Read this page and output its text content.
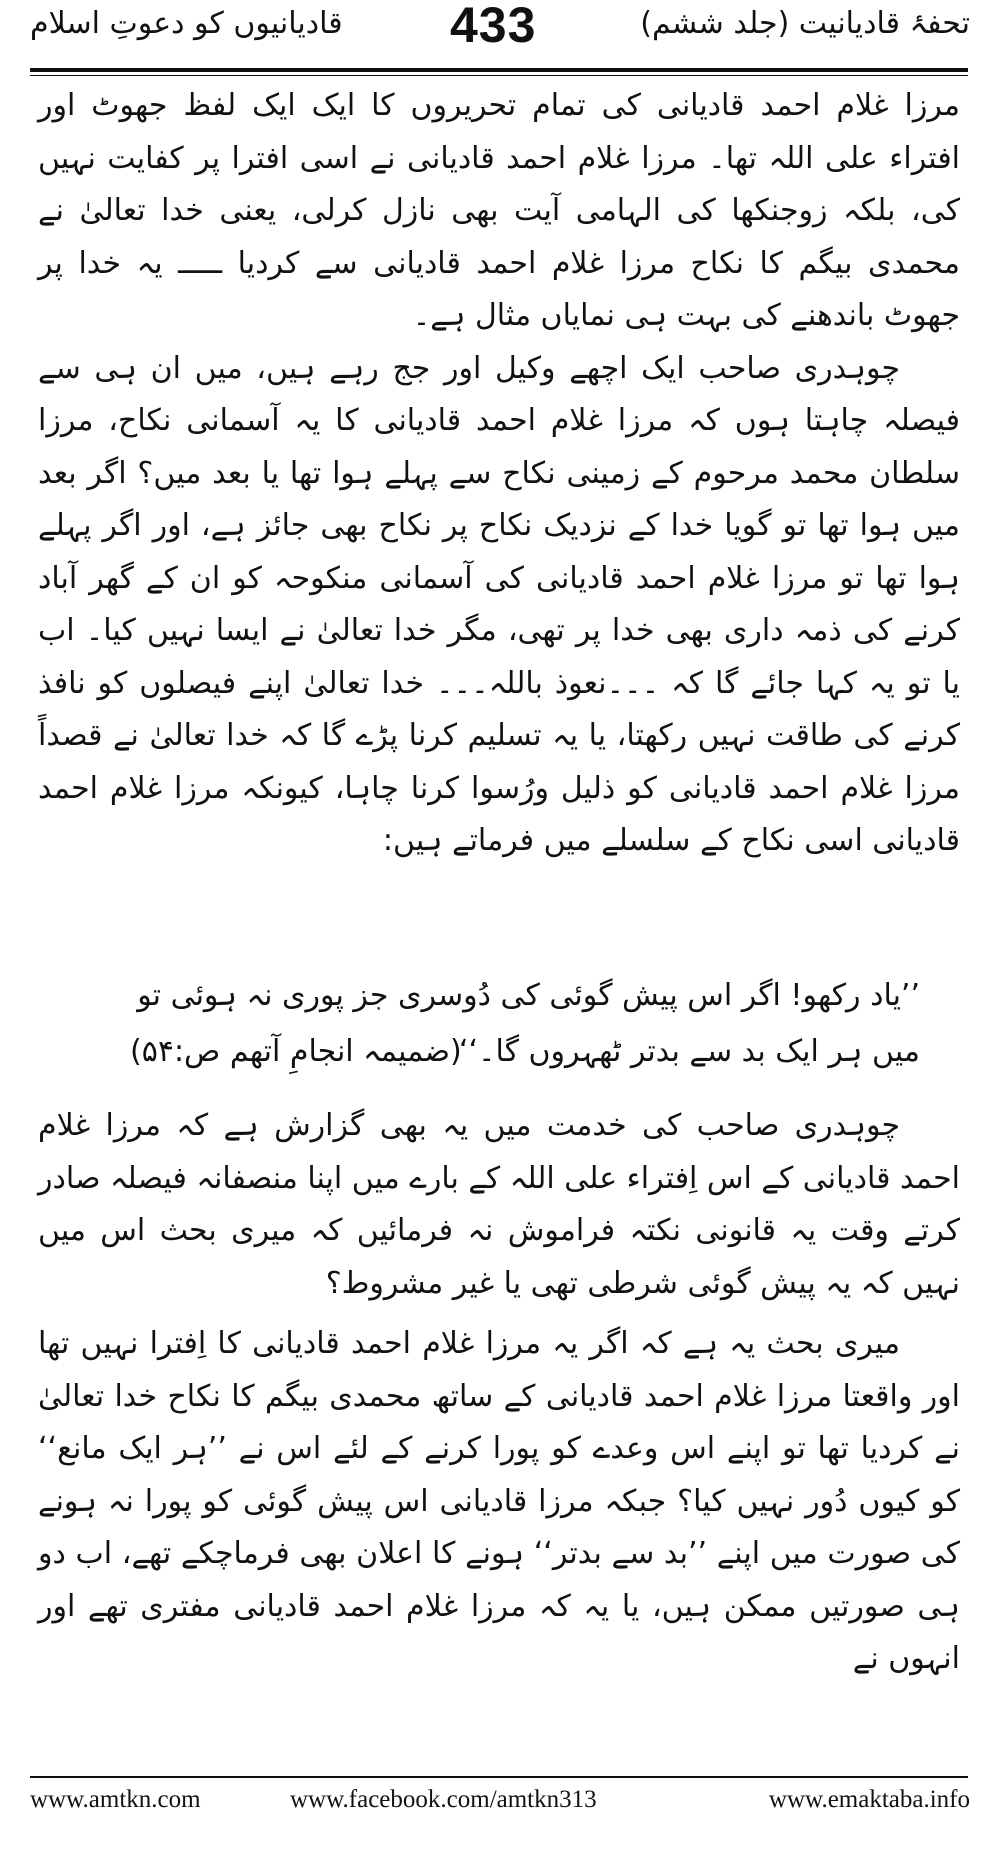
تحفۂ قادیانیت (جلد ششم)
433
قادیانیوں کو دعوتِ اسلام

مرزا غلام احمد قادیانی کی تمام تحریروں کا ایک ایک لفظ جھوٹ اور افتراء علی اللہ تھا۔ مرزا غلام احمد قادیانی نے اسی افترا پر کفایت نہیں کی، بلکہ زوجنکھا کی الہامی آیت بھی نازل کرلی، یعنی خدا تعالیٰ نے محمدی بیگم کا نکاح مرزا غلام احمد قادیانی سے کردیا ـــــ یہ خدا پر جھوٹ باندھنے کی بہت ہی نمایاں مثال ہے۔

چوہدری صاحب ایک اچھے وکیل اور جج رہے ہیں، میں ان ہی سے فیصلہ چاہتا ہوں کہ مرزا غلام احمد قادیانی کا یہ آسمانی نکاح، مرزا سلطان محمد مرحوم کے زمینی نکاح سے پہلے ہوا تھا یا بعد میں؟ اگر بعد میں ہوا تھا تو گویا خدا کے نزدیک نکاح پر نکاح بھی جائز ہے، اور اگر پہلے ہوا تھا تو مرزا غلام احمد قادیانی کی آسمانی منکوحہ کو ان کے گھر آباد کرنے کی ذمہ داری بھی خدا پر تھی، مگر خدا تعالیٰ نے ایسا نہیں کیا۔ اب یا تو یہ کہا جائے گا کہ ۔۔۔نعوذ باللہ۔۔۔ خدا تعالیٰ اپنے فیصلوں کو نافذ کرنے کی طاقت نہیں رکھتا، یا یہ تسلیم کرنا پڑے گا کہ خدا تعالیٰ نے قصداً مرزا غلام احمد قادیانی کو ذلیل ورُسوا کرنا چاہا، کیونکہ مرزا غلام احمد قادیانی اسی نکاح کے سلسلے میں فرماتے ہیں:

’’یاد رکھو! اگر اس پیش گوئی کی دُوسری جز پوری نہ ہوئی تو
میں ہر ایک بد سے بدتر ٹھہروں گا۔‘‘
(ضمیمہ انجامِ آتھم ص:۵۴)

چوہدری صاحب کی خدمت میں یہ بھی گزارش ہے کہ مرزا غلام احمد قادیانی کے اس اِفتراء علی اللہ کے بارے میں اپنا منصفانہ فیصلہ صادر کرتے وقت یہ قانونی نکتہ فراموش نہ فرمائیں کہ میری بحث اس میں نہیں کہ یہ پیش گوئی شرطی تھی یا غیر مشروط؟

میری بحث یہ ہے کہ اگر یہ مرزا غلام احمد قادیانی کا اِفترا نہیں تھا اور واقعتا مرزا غلام احمد قادیانی کے ساتھ محمدی بیگم کا نکاح خدا تعالیٰ نے کردیا تھا تو اپنے اس وعدے کو پورا کرنے کے لئے اس نے ’’ہر ایک مانع‘‘ کو کیوں دُور نہیں کیا؟ جبکہ مرزا قادیانی اس پیش گوئی کو پورا نہ ہونے کی صورت میں اپنے ’’بد سے بدتر‘‘ ہونے کا اعلان بھی فرماچکے تھے، اب دو ہی صورتیں ممکن ہیں، یا یہ کہ مرزا غلام احمد قادیانی مفتری تھے اور انہوں نے

www.amtkn.com	www.facebook.com/amtkn313	www.emaktaba.info
